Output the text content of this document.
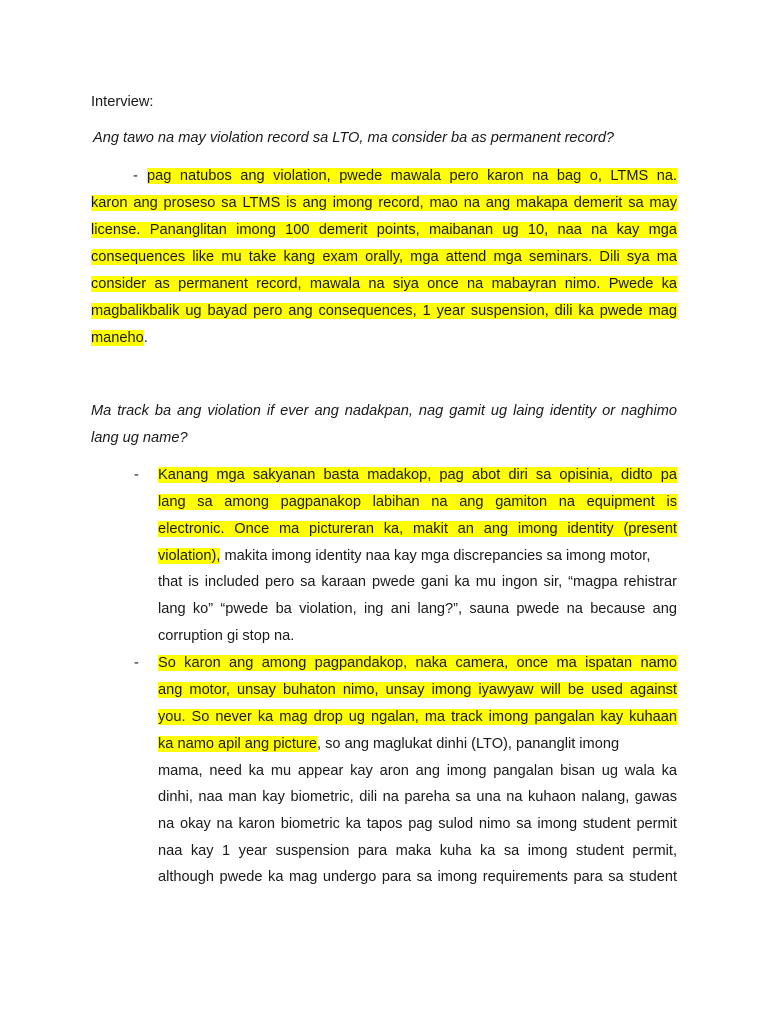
Interview:
Ang tawo na may violation record sa LTO, ma consider ba as permanent record?
- pag natubos ang violation, pwede mawala pero karon na bag o, LTMS na.
karon ang proseso sa LTMS is ang imong record, mao na ang makapa demerit sa may
license. Pananglitan imong 100 demerit points, maibanan ug 10, naa na kay mga
consequences like mu take kang exam orally, mga attend mga seminars. Dili sya ma
consider as permanent record, mawala na siya once na mabayran nimo. Pwede ka
magbalikbalik ug bayad pero ang consequences, 1 year suspension, dili ka pwede mag
maneho.
Ma track ba ang violation if ever ang nadakpan, nag gamit ug laing identity or naghimo
lang ug name?
- Kanang mga sakyanan basta madakop, pag abot diri sa opisinia, didto pa
lang sa among pagpanakop labihan na ang gamiton na equipment is
electronic. Once ma pictureran ka, makit an ang imong identity (present
violation), makita imong identity naa kay mga discrepancies sa imong motor,
that is included pero sa karaan pwede gani ka mu ingon sir, “magpa rehistrar
lang ko” “pwede ba violation, ing ani lang?”, sauna pwede na because ang
corruption gi stop na.
- So karon ang among pagpandakop, naka camera, once ma ispatan namo
ang motor, unsay buhaton nimo, unsay imong iyawyaw will be used against
you. So never ka mag drop ug ngalan, ma track imong pangalan kay kuhaan
ka namo apil ang picture, so ang maglukat dinhi (LTO), pananglit imong
mama, need ka mu appear kay aron ang imong pangalan bisan ug wala ka
dinhi, naa man kay biometric, dili na pareha sa una na kuhaon nalang, gawas
na okay na karon biometric ka tapos pag sulod nimo sa imong student permit
naa kay 1 year suspension para maka kuha ka sa imong student permit,
although pwede ka mag undergo para sa imong requirements para sa student
